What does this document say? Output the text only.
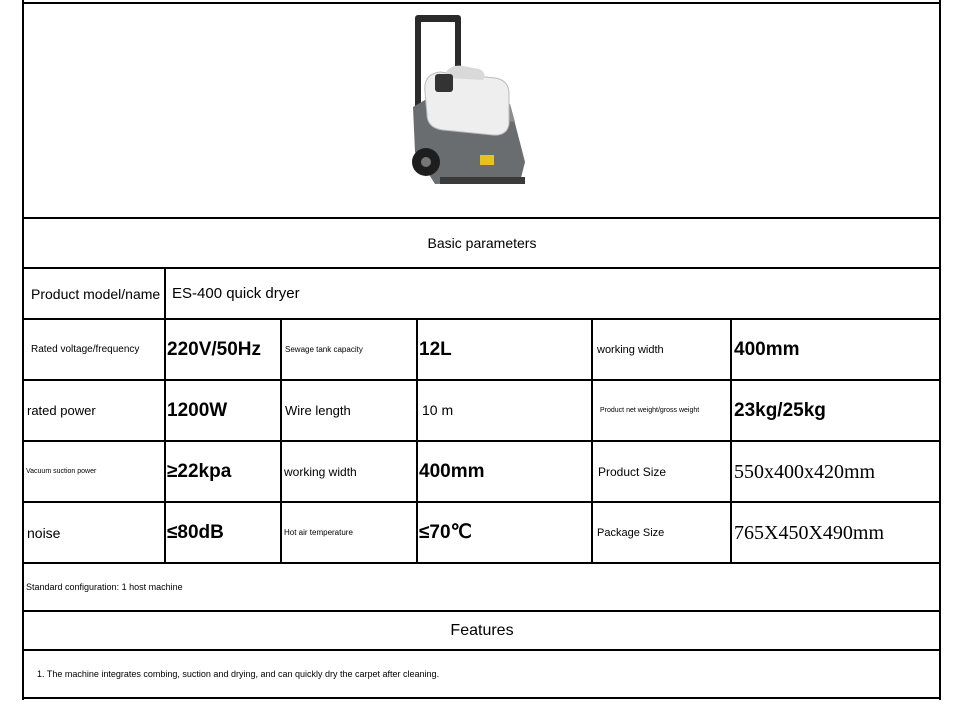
Basic parameters
Product model/name ES-400 quick dryer
Rated voltage/frequency	220V/50Hz	Sewage tank capacity	12L	working width	400mm
rated power	1200W	Wire length	10 m	Product net weight/gross weight	23kg/25kg
Vacuum suction power	≥22kpa	working width	400mm	Product Size	550x400x420mm
noise	≤80dB	Hot air temperature	≤70℃	Package Size	765X450X490mm
Standard configuration: 1 host machine
Features
1. The machine integrates combing, suction and drying, and can quickly dry the carpet after cleaning.
